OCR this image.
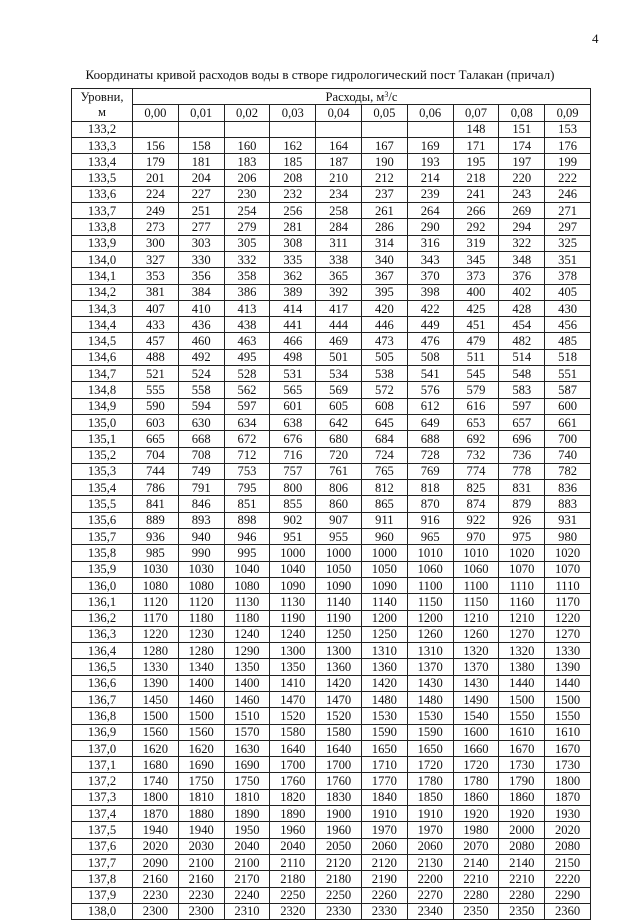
4
Координаты кривой расходов воды в створе гидрологический пост Талакан (причал)
Уровни,
м	Расходы, $м^3/с$									
	0,00	0,01	0,02	0,03	0,04	0,05	0,06	0,07	0,08	0,09
133,2								148	151	153
133,3	156	158	160	162	164	167	169	171	174	176
133,4	179	181	183	185	187	190	193	195	197	199
133,5	201	204	206	208	210	212	214	218	220	222
133,6	224	227	230	232	234	237	239	241	243	246
133,7	249	251	254	256	258	261	264	266	269	271
133,8	273	277	279	281	284	286	290	292	294	297
133,9	300	303	305	308	311	314	316	319	322	325
134,0	327	330	332	335	338	340	343	345	348	351
134,1	353	356	358	362	365	367	370	373	376	378
134,2	381	384	386	389	392	395	398	400	402	405
134,3	407	410	413	414	417	420	422	425	428	430
134,4	433	436	438	441	444	446	449	451	454	456
134,5	457	460	463	466	469	473	476	479	482	485
134,6	488	492	495	498	501	505	508	511	514	518
134,7	521	524	528	531	534	538	541	545	548	551
134,8	555	558	562	565	569	572	576	579	583	587
134,9	590	594	597	601	605	608	612	616	597	600
135,0	603	630	634	638	642	645	649	653	657	661
135,1	665	668	672	676	680	684	688	692	696	700
135,2	704	708	712	716	720	724	728	732	736	740
135,3	744	749	753	757	761	765	769	774	778	782
135,4	786	791	795	800	806	812	818	825	831	836
135,5	841	846	851	855	860	865	870	874	879	883
135,6	889	893	898	902	907	911	916	922	926	931
135,7	936	940	946	951	955	960	965	970	975	980
135,8	985	990	995	1000	1000	1000	1010	1010	1020	1020
135,9	1030	1030	1040	1040	1050	1050	1060	1060	1070	1070
136,0	1080	1080	1080	1090	1090	1090	1100	1100	1110	1110
136,1	1120	1120	1130	1130	1140	1140	1150	1150	1160	1170
136,2	1170	1180	1180	1190	1190	1200	1200	1210	1210	1220
136,3	1220	1230	1240	1240	1250	1250	1260	1260	1270	1270
136,4	1280	1280	1290	1300	1300	1310	1310	1320	1320	1330
136,5	1330	1340	1350	1350	1360	1360	1370	1370	1380	1390
136,6	1390	1400	1400	1410	1420	1420	1430	1430	1440	1440
136,7	1450	1460	1460	1470	1470	1480	1480	1490	1500	1500
136,8	1500	1500	1510	1520	1520	1530	1530	1540	1550	1550
136,9	1560	1560	1570	1580	1580	1590	1590	1600	1610	1610
137,0	1620	1620	1630	1640	1640	1650	1650	1660	1670	1670
137,1	1680	1690	1690	1700	1700	1710	1720	1720	1730	1730
137,2	1740	1750	1750	1760	1760	1770	1780	1780	1790	1800
137,3	1800	1810	1810	1820	1830	1840	1850	1860	1860	1870
137,4	1870	1880	1890	1890	1900	1910	1910	1920	1920	1930
137,5	1940	1940	1950	1960	1960	1970	1970	1980	2000	2020
137,6	2020	2030	2040	2040	2050	2060	2060	2070	2080	2080
137,7	2090	2100	2100	2110	2120	2120	2130	2140	2140	2150
137,8	2160	2160	2170	2180	2180	2190	2200	2210	2210	2220
137,9	2230	2230	2240	2250	2250	2260	2270	2280	2280	2290
138,0	2300	2300	2310	2320	2330	2330	2340	2350	2350	2360
